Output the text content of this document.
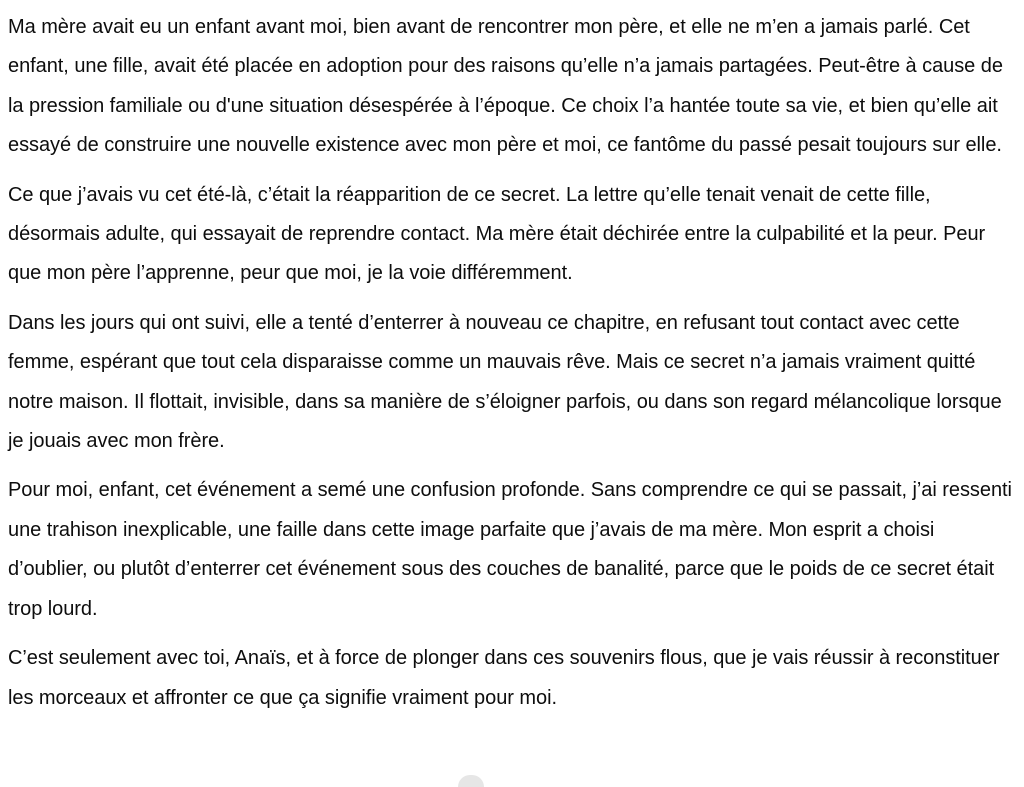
Ma mère avait eu un enfant avant moi, bien avant de rencontrer mon père, et elle ne m’en a jamais parlé. Cet enfant, une fille, avait été placée en adoption pour des raisons qu’elle n’a jamais partagées. Peut-être à cause de la pression familiale ou d'une situation désespérée à l’époque. Ce choix l’a hantée toute sa vie, et bien qu’elle ait essayé de construire une nouvelle existence avec mon père et moi, ce fantôme du passé pesait toujours sur elle.

Ce que j’avais vu cet été-là, c’était la réapparition de ce secret. La lettre qu’elle tenait venait de cette fille, désormais adulte, qui essayait de reprendre contact. Ma mère était déchirée entre la culpabilité et la peur. Peur que mon père l’apprenne, peur que moi, je la voie différemment.

Dans les jours qui ont suivi, elle a tenté d’enterrer à nouveau ce chapitre, en refusant tout contact avec cette femme, espérant que tout cela disparaisse comme un mauvais rêve. Mais ce secret n’a jamais vraiment quitté notre maison. Il flottait, invisible, dans sa manière de s’éloigner parfois, ou dans son regard mélancolique lorsque je jouais avec mon frère.

Pour moi, enfant, cet événement a semé une confusion profonde. Sans comprendre ce qui se passait, j’ai ressenti une trahison inexplicable, une faille dans cette image parfaite que j’avais de ma mère. Mon esprit a choisi d’oublier, ou plutôt d’enterrer cet événement sous des couches de banalité, parce que le poids de ce secret était trop lourd.

C’est seulement avec toi, Anaïs, et à force de plonger dans ces souvenirs flous, que je vais réussir à reconstituer les morceaux et affronter ce que ça signifie vraiment pour moi.
